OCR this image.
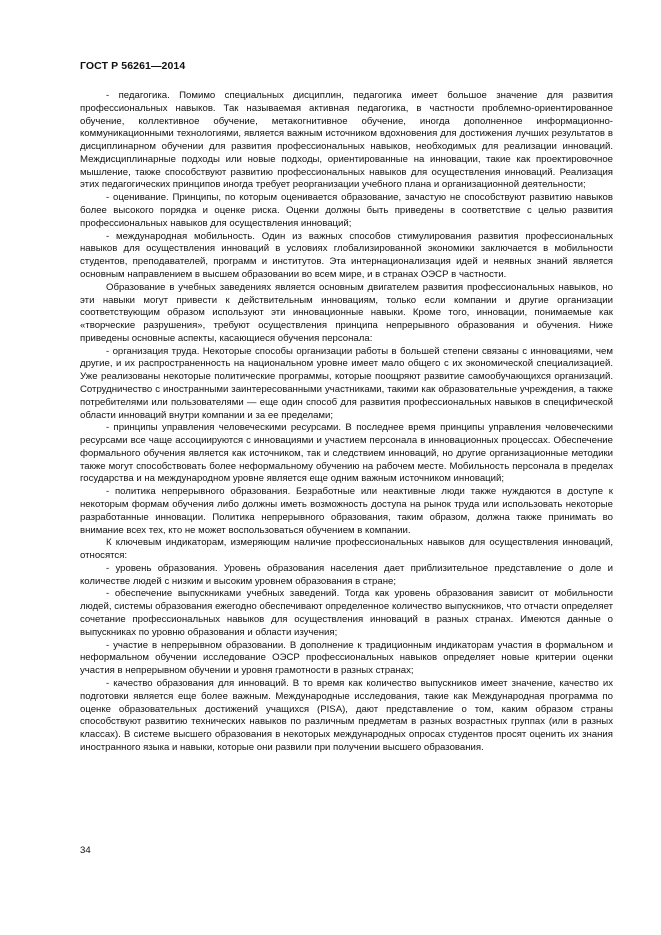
ГОСТ Р 56261—2014

- педагогика. Помимо специальных дисциплин, педагогика имеет большое значение для развития профессиональных навыков. Так называемая активная педагогика, в частности проблемно-ориентированное обучение, коллективное обучение, метакогнитивное обучение, иногда дополненное информационно-коммуникационными технологиями, является важным источником вдохновения для достижения лучших результатов в дисциплинарном обучении для развития профессиональных навыков, необходимых для реализации инноваций. Междисциплинарные подходы или новые подходы, ориентированные на инновации, такие как проектировочное мышление, также способствуют развитию профессиональных навыков для осуществления инноваций. Реализация этих педагогических принципов иногда требует реорганизации учебного плана и организационной деятельности;

- оценивание. Принципы, по которым оценивается образование, зачастую не способствуют развитию навыков более высокого порядка и оценке риска. Оценки должны быть приведены в соответствие с целью развития профессиональных навыков для осуществления инноваций;

- международная мобильность. Один из важных способов стимулирования развития профессиональных навыков для осуществления инноваций в условиях глобализированной экономики заключается в мобильности студентов, преподавателей, программ и институтов. Эта интернационализация идей и неявных знаний является основным направлением в высшем образовании во всем мире, и в странах ОЭСР в частности.

Образование в учебных заведениях является основным двигателем развития профессиональных навыков, но эти навыки могут привести к действительным инновациям, только если компании и другие организации соответствующим образом используют эти инновационные навыки. Кроме того, инновации, понимаемые как «творческие разрушения», требуют осуществления принципа непрерывного образования и обучения. Ниже приведены основные аспекты, касающиеся обучения персонала:

- организация труда. Некоторые способы организации работы в большей степени связаны с инновациями, чем другие, и их распространенность на национальном уровне имеет мало общего с их экономической специализацией. Уже реализованы некоторые политические программы, которые поощряют развитие самообучающихся организаций. Сотрудничество с иностранными заинтересованными участниками, такими как образовательные учреждения, а также потребителями или пользователями — еще один способ для развития профессиональных навыков в специфической области инноваций внутри компании и за ее пределами;

- принципы управления человеческими ресурсами. В последнее время принципы управления человеческими ресурсами все чаще ассоциируются с инновациями и участием персонала в инновационных процессах. Обеспечение формального обучения является как источником, так и следствием инноваций, но другие организационные методики также могут способствовать более неформальному обучению на рабочем месте. Мобильность персонала в пределах государства и на международном уровне является еще одним важным источником инноваций;

- политика непрерывного образования. Безработные или неактивные люди также нуждаются в доступе к некоторым формам обучения либо должны иметь возможность доступа на рынок труда или использовать некоторые разработанные инновации. Политика непрерывного образования, таким образом, должна также принимать во внимание всех тех, кто не может воспользоваться обучением в компании.

К ключевым индикаторам, измеряющим наличие профессиональных навыков для осуществления инноваций, относятся:

- уровень образования. Уровень образования населения дает приблизительное представление о доле и количестве людей с низким и высоким уровнем образования в стране;

- обеспечение выпускниками учебных заведений. Тогда как уровень образования зависит от мобильности людей, системы образования ежегодно обеспечивают определенное количество выпускников, что отчасти определяет сочетание профессиональных навыков для осуществления инноваций в разных странах. Имеются данные о выпускниках по уровню образования и области изучения;

- участие в непрерывном образовании. В дополнение к традиционным индикаторам участия в формальном и неформальном обучении исследование ОЭСР профессиональных навыков определяет новые критерии оценки участия в непрерывном обучении и уровня грамотности в разных странах;

- качество образования для инноваций. В то время как количество выпускников имеет значение, качество их подготовки является еще более важным. Международные исследования, такие как Международная программа по оценке образовательных достижений учащихся (PISA), дают представление о том, каким образом страны способствуют развитию технических навыков по различным предметам в разных возрастных группах (или в разных классах). В системе высшего образования в некоторых международных опросах студентов просят оценить их знания иностранного языка и навыки, которые они развили при получении высшего образования.

34
